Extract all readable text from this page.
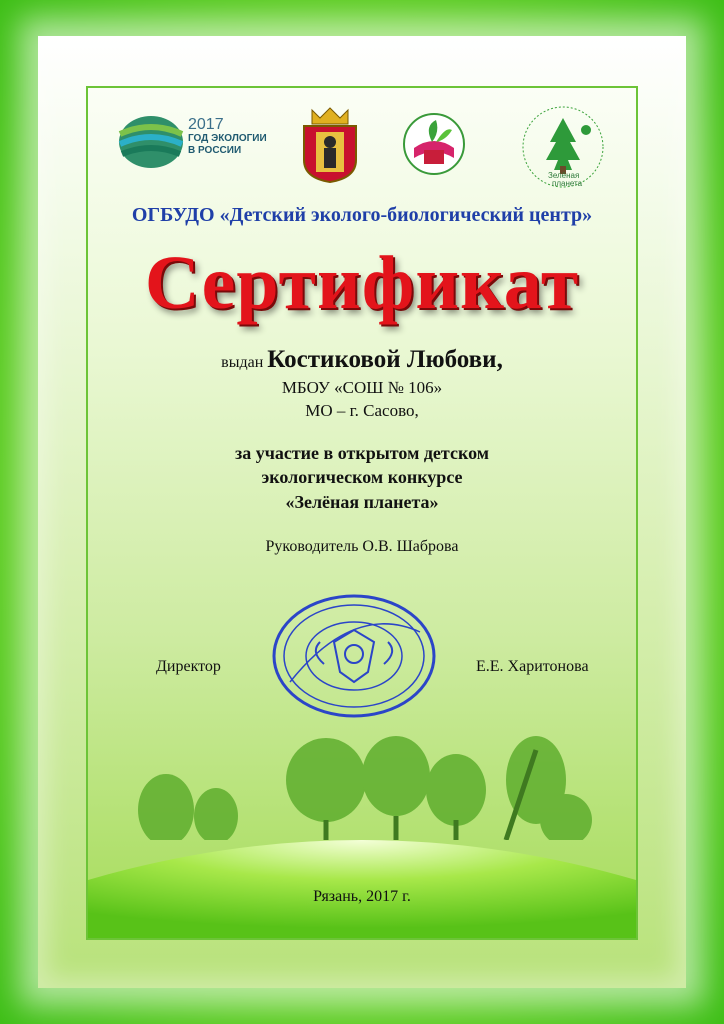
2017
ГОД ЭКОЛОГИИ
В РОССИИ
Зелёная
планета
ОГБУДО «Детский эколого-биологический центр»
Сертификат
выдан Костиковой Любови,
МБОУ «СОШ № 106»
МО – г. Сасово,
за участие в открытом детском
экологическом конкурсе
«Зелёная планета»
Руководитель О.В. Шаброва
Директор	Е.Е. Харитонова
Рязань, 2017 г.
